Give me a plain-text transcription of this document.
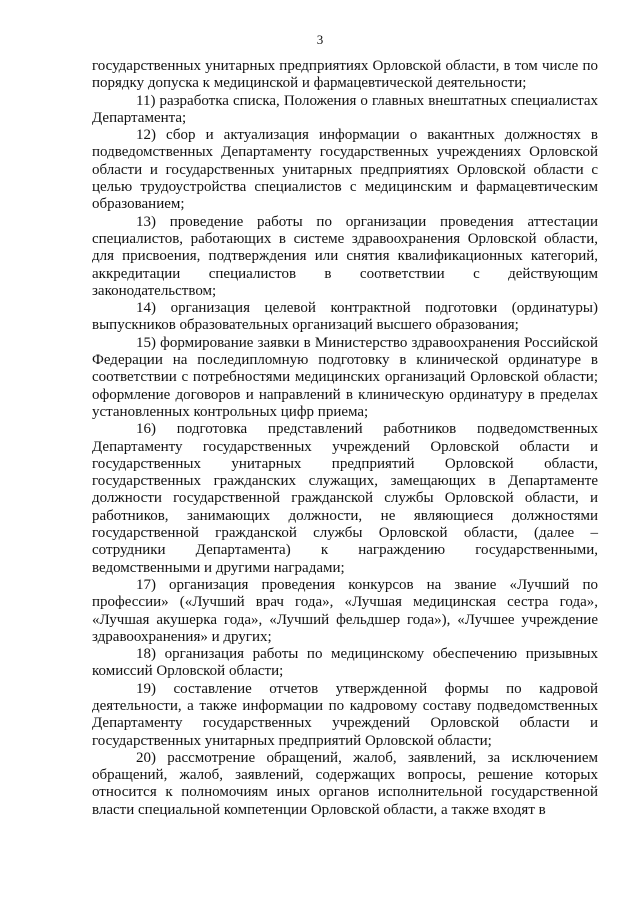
3

государственных унитарных предприятиях Орловской области, в том числе по порядку допуска к медицинской и фармацевтической деятельности;

11) разработка списка, Положения о главных внештатных специалистах Департамента;

12) сбор и актуализация информации о вакантных должностях в подведомственных Департаменту государственных учреждениях Орловской области и государственных унитарных предприятиях Орловской области с целью трудоустройства специалистов с медицинским и фармацевтическим образованием;

13) проведение работы по организации проведения аттестации специалистов, работающих в системе здравоохранения Орловской области, для присвоения, подтверждения или снятия квалификационных категорий, аккредитации специалистов в соответствии с действующим законодательством;

14) организация целевой контрактной подготовки (ординатуры) выпускников образовательных организаций высшего образования;

15) формирование заявки в Министерство здравоохранения Российской Федерации на последипломную подготовку в клинической ординатуре в соответствии с потребностями медицинских организаций Орловской области; оформление договоров и направлений в клиническую ординатуру в пределах установленных контрольных цифр приема;

16) подготовка представлений работников подведомственных Департаменту государственных учреждений Орловской области и государственных унитарных предприятий Орловской области, государственных гражданских служащих, замещающих в Департаменте должности государственной гражданской службы Орловской области, и работников, занимающих должности, не являющиеся должностями государственной гражданской службы Орловской области, (далее – сотрудники Департамента) к награждению государственными, ведомственными и другими наградами;

17) организация проведения конкурсов на звание «Лучший по профессии» («Лучший врач года», «Лучшая медицинская сестра года», «Лучшая акушерка года», «Лучший фельдшер года»), «Лучшее учреждение здравоохранения» и других;

18) организация работы по медицинскому обеспечению призывных комиссий Орловской области;

19) составление отчетов утвержденной формы по кадровой деятельности, а также информации по кадровому составу подведомственных Департаменту государственных учреждений Орловской области и государственных унитарных предприятий Орловской области;

20) рассмотрение обращений, жалоб, заявлений, за исключением обращений, жалоб, заявлений, содержащих вопросы, решение которых относится к полномочиям иных органов исполнительной государственной власти специальной компетенции Орловской области, а также входят в
